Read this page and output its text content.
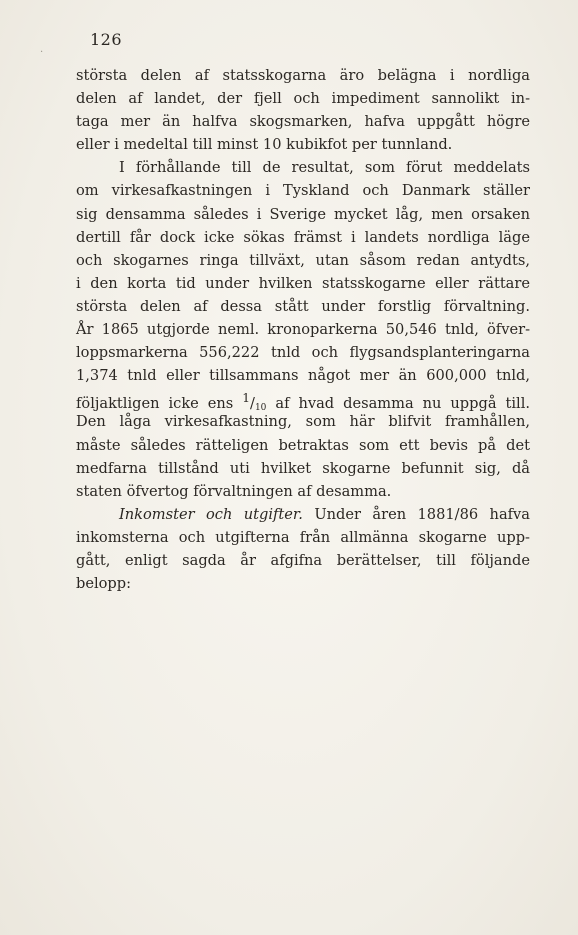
.
126
största delen af statsskogarna äro belägna i nordliga
delen af landet, der fjell och impediment sannolikt in-
taga mer än halfva skogsmarken, hafva uppgått högre
eller i medeltal till minst 10 kubikfot per tunnland.
I förhållande till de resultat, som förut meddelats
om virkesafkastningen i Tyskland och Danmark ställer
sig densamma således i Sverige mycket låg, men orsaken
dertill får dock icke sökas främst i landets nordliga läge
och skogarnes ringa tillväxt, utan såsom redan antydts,
i den korta tid under hvilken statsskogarne eller rättare
största delen af dessa stått under forstlig förvaltning.
År 1865 utgjorde neml. kronoparkerna 50,546 tnld, öfver-
loppsmarkerna 556,222 tnld och flygsandsplanteringarna
1,374 tnld eller tillsammans något mer än 600,000 tnld,
följaktligen icke ens $^1/_{10}$ af hvad desamma nu uppgå till.
Den låga virkesafkastning, som här blifvit framhållen,
måste således rätteligen betraktas som ett bevis på det
medfarna tillstånd uti hvilket skogarne befunnit sig, då
staten öfvertog förvaltningen af desamma.
Inkomster och utgifter. Under åren 1881/86 hafva
inkomsterna och utgifterna från allmänna skogarne upp-
gått, enligt sagda år afgifna berättelser, till följande
belopp:
